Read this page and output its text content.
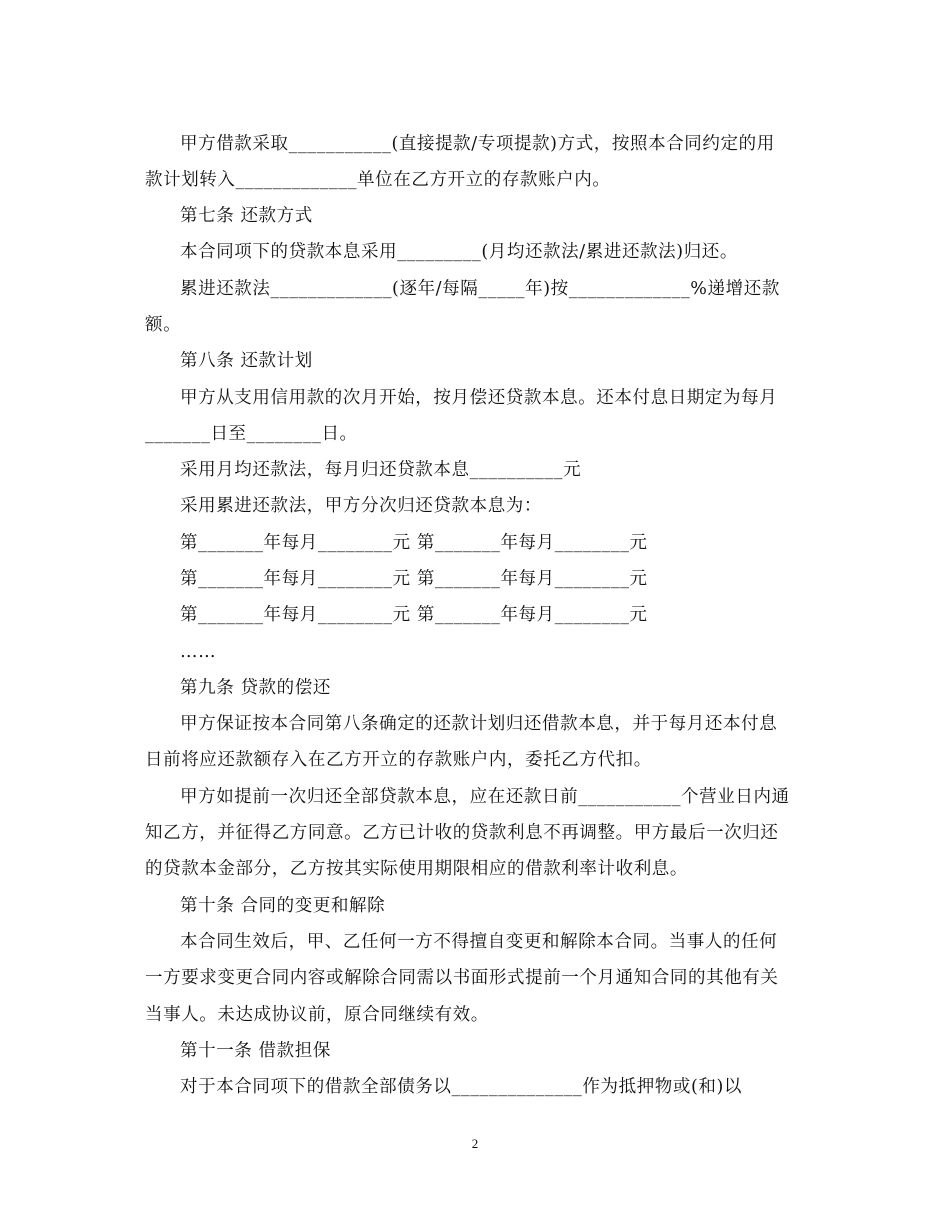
甲方借款采取___________(直接提款/专项提款)方式，按照本合同约定的用
款计划转入_____________单位在乙方开立的存款账户内。
第七条 还款方式
本合同项下的贷款本息采用_________(月均还款法/累进还款法)归还。
累进还款法_____________(逐年/每隔_____年)按_____________%递增还款
额。
第八条 还款计划
甲方从支用信用款的次月开始，按月偿还贷款本息。还本付息日期定为每月
_______日至________日。
采用月均还款法，每月归还贷款本息__________元
采用累进还款法，甲方分次归还贷款本息为：
第_______年每月________元 第_______年每月________元
第_______年每月________元 第_______年每月________元
第_______年每月________元 第_______年每月________元
……
第九条 贷款的偿还
甲方保证按本合同第八条确定的还款计划归还借款本息，并于每月还本付息
日前将应还款额存入在乙方开立的存款账户内，委托乙方代扣。
甲方如提前一次归还全部贷款本息，应在还款日前___________个营业日内通
知乙方，并征得乙方同意。乙方已计收的贷款利息不再调整。甲方最后一次归还
的贷款本金部分，乙方按其实际使用期限相应的借款利率计收利息。
第十条 合同的变更和解除
本合同生效后，甲、乙任何一方不得擅自变更和解除本合同。当事人的任何
一方要求变更合同内容或解除合同需以书面形式提前一个月通知合同的其他有关
当事人。未达成协议前，原合同继续有效。
第十一条 借款担保
对于本合同项下的借款全部债务以______________作为抵押物或(和)以
2
